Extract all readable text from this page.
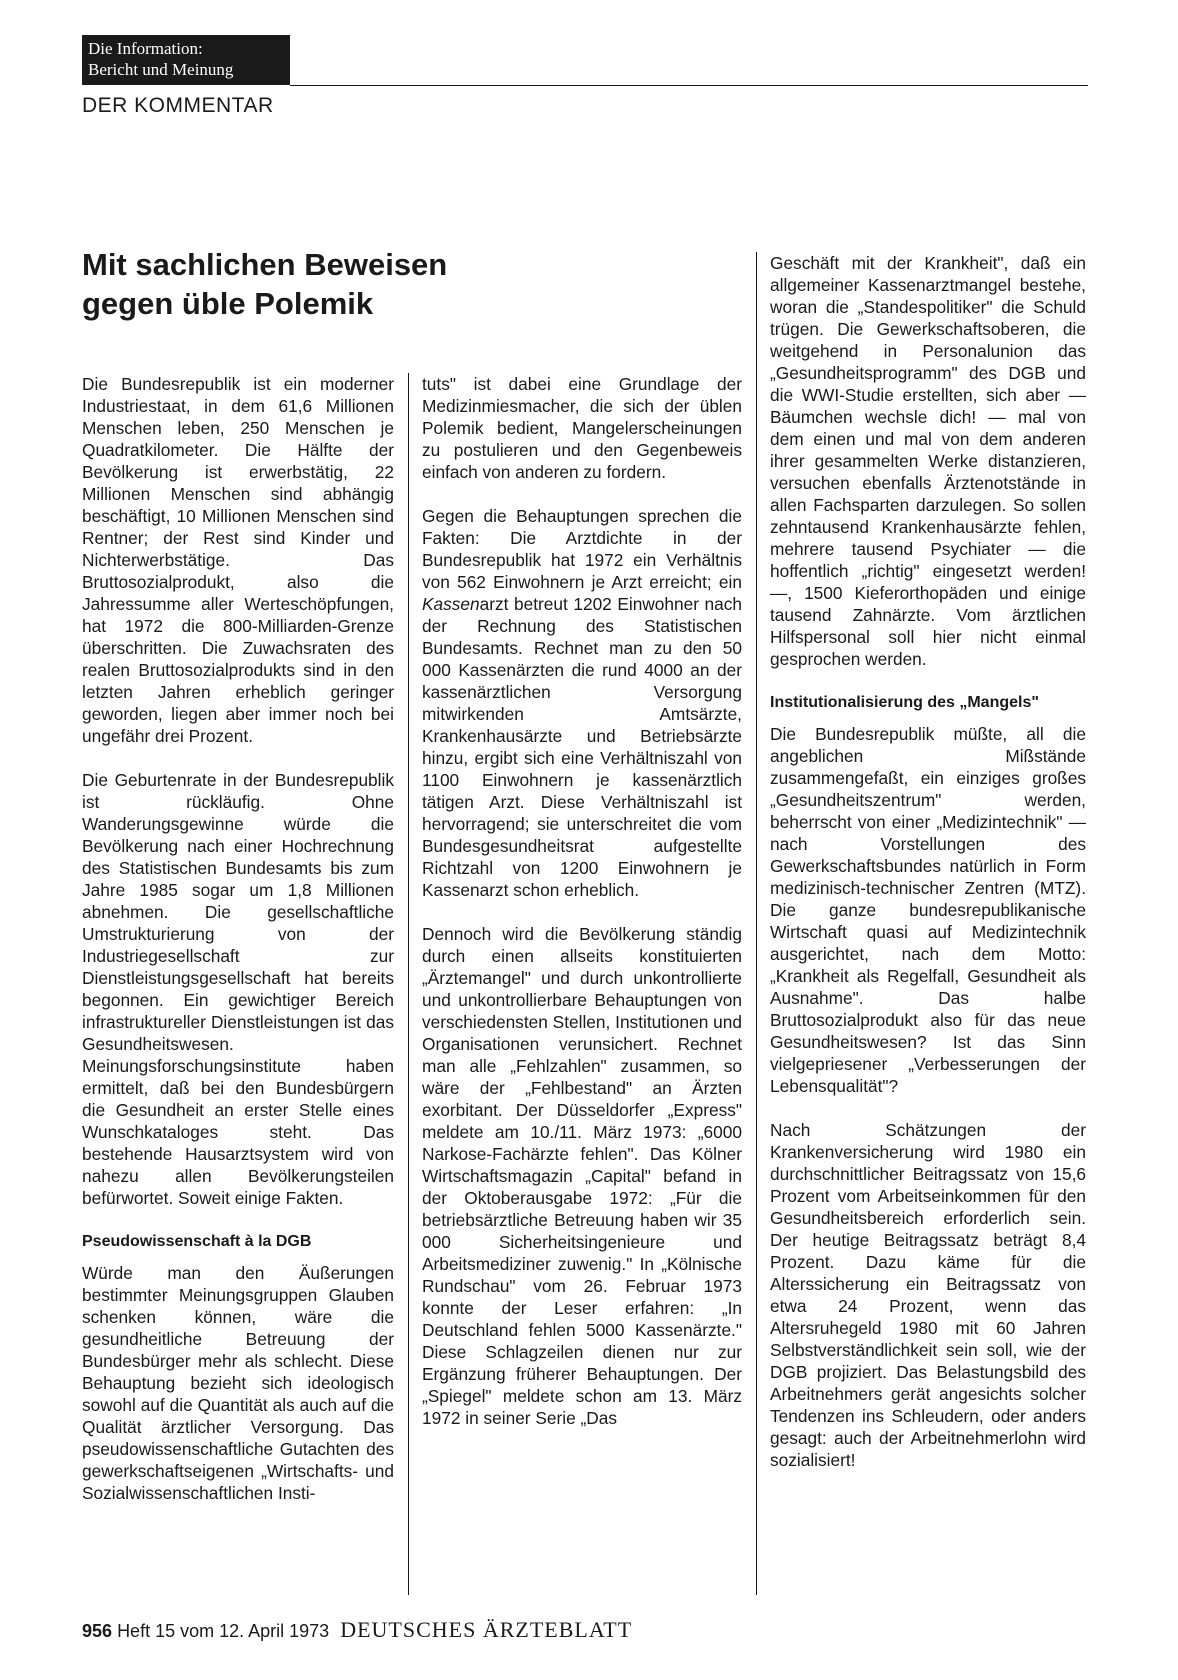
Die Information:
Bericht und Meinung
DER KOMMENTAR
Mit sachlichen Beweisen
gegen üble Polemik

Die Bundesrepublik ist ein moderner Industriestaat, in dem 61,6 Millionen Menschen leben, 250 Menschen je Quadratkilometer. Die Hälfte der Bevölkerung ist erwerbstätig, 22 Millionen Menschen sind abhängig beschäftigt, 10 Millionen Menschen sind Rentner; der Rest sind Kinder und Nichterwerbstätige. Das Bruttosozialprodukt, also die Jahressumme aller Werteschöpfungen, hat 1972 die 800-Milliarden-Grenze überschritten. Die Zuwachsraten des realen Bruttosozialprodukts sind in den letzten Jahren erheblich geringer geworden, liegen aber immer noch bei ungefähr drei Prozent.

Die Geburtenrate in der Bundesrepublik ist rückläufig. Ohne Wanderungsgewinne würde die Bevölkerung nach einer Hochrechnung des Statistischen Bundesamts bis zum Jahre 1985 sogar um 1,8 Millionen abnehmen. Die gesellschaftliche Umstrukturierung von der Industriegesellschaft zur Dienstleistungsgesellschaft hat bereits begonnen. Ein gewichtiger Bereich infrastruktureller Dienstleistungen ist das Gesundheitswesen. Meinungsforschungsinstitute haben ermittelt, daß bei den Bundesbürgern die Gesundheit an erster Stelle eines Wunschkataloges steht. Das bestehende Hausarztsystem wird von nahezu allen Bevölkerungsteilen befürwortet. Soweit einige Fakten.

Pseudowissenschaft à la DGB

Würde man den Äußerungen bestimmter Meinungsgruppen Glauben schenken können, wäre die gesundheitliche Betreuung der Bundesbürger mehr als schlecht. Diese Behauptung bezieht sich ideologisch sowohl auf die Quantität als auch auf die Qualität ärztlicher Versorgung. Das pseudowissenschaftliche Gutachten des gewerkschaftseigenen „Wirtschafts- und Sozialwissenschaftlichen Insti-

tuts" ist dabei eine Grundlage der Medizinmiesmacher, die sich der üblen Polemik bedient, Mangelerscheinungen zu postulieren und den Gegenbeweis einfach von anderen zu fordern.

Gegen die Behauptungen sprechen die Fakten: Die Arztdichte in der Bundesrepublik hat 1972 ein Verhältnis von 562 Einwohnern je Arzt erreicht; ein Kassenarzt betreut 1202 Einwohner nach der Rechnung des Statistischen Bundesamts. Rechnet man zu den 50 000 Kassenärzten die rund 4000 an der kassenärztlichen Versorgung mitwirkenden Amtsärzte, Krankenhausärzte und Betriebsärzte hinzu, ergibt sich eine Verhältniszahl von 1100 Einwohnern je kassenärztlich tätigen Arzt. Diese Verhältniszahl ist hervorragend; sie unterschreitet die vom Bundesgesundheitsrat aufgestellte Richtzahl von 1200 Einwohnern je Kassenarzt schon erheblich.

Dennoch wird die Bevölkerung ständig durch einen allseits konstituierten „Ärztemangel" und durch unkontrollierte und unkontrollierbare Behauptungen von verschiedensten Stellen, Institutionen und Organisationen verunsichert. Rechnet man alle „Fehlzahlen" zusammen, so wäre der „Fehlbestand" an Ärzten exorbitant. Der Düsseldorfer „Express" meldete am 10./11. März 1973: „6000 Narkose-Fachärzte fehlen". Das Kölner Wirtschaftsmagazin „Capital" befand in der Oktoberausgabe 1972: „Für die betriebsärztliche Betreuung haben wir 35 000 Sicherheitsingenieure und Arbeitsmediziner zuwenig." In „Kölnische Rundschau" vom 26. Februar 1973 konnte der Leser erfahren: „In Deutschland fehlen 5000 Kassenärzte." Diese Schlagzeilen dienen nur zur Ergänzung früherer Behauptungen. Der „Spiegel" meldete schon am 13. März 1972 in seiner Serie „Das

Geschäft mit der Krankheit", daß ein allgemeiner Kassenarztmangel bestehe, woran die „Standespolitiker" die Schuld trügen. Die Gewerkschaftsoberen, die weitgehend in Personalunion das „Gesundheitsprogramm" des DGB und die WWI-Studie erstellten, sich aber — Bäumchen wechsle dich! — mal von dem einen und mal von dem anderen ihrer gesammelten Werke distanzieren, versuchen ebenfalls Ärztenotstände in allen Fachsparten darzulegen. So sollen zehntausend Krankenhausärzte fehlen, mehrere tausend Psychiater — die hoffentlich „richtig" eingesetzt werden! —, 1500 Kieferorthopäden und einige tausend Zahnärzte. Vom ärztlichen Hilfspersonal soll hier nicht einmal gesprochen werden.

Institutionalisierung des „Mangels"

Die Bundesrepublik müßte, all die angeblichen Mißstände zusammengefaßt, ein einziges großes „Gesundheitszentrum" werden, beherrscht von einer „Medizintechnik" — nach Vorstellungen des Gewerkschaftsbundes natürlich in Form medizinisch-technischer Zentren (MTZ). Die ganze bundesrepublikanische Wirtschaft quasi auf Medizintechnik ausgerichtet, nach dem Motto: „Krankheit als Regelfall, Gesundheit als Ausnahme". Das halbe Bruttosozialprodukt also für das neue Gesundheitswesen? Ist das Sinn vielgepriesener „Verbesserungen der Lebensqualität"?

Nach Schätzungen der Krankenversicherung wird 1980 ein durchschnittlicher Beitragssatz von 15,6 Prozent vom Arbeitseinkommen für den Gesundheitsbereich erforderlich sein. Der heutige Beitragssatz beträgt 8,4 Prozent. Dazu käme für die Alterssicherung ein Beitragssatz von etwa 24 Prozent, wenn das Altersruhegeld 1980 mit 60 Jahren Selbstverständlichkeit sein soll, wie der DGB projiziert. Das Belastungsbild des Arbeitnehmers gerät angesichts solcher Tendenzen ins Schleudern, oder anders gesagt: auch der Arbeitnehmerlohn wird sozialisiert!

956 Heft 15 vom 12. April 1973 DEUTSCHES ÄRZTEBLATT
